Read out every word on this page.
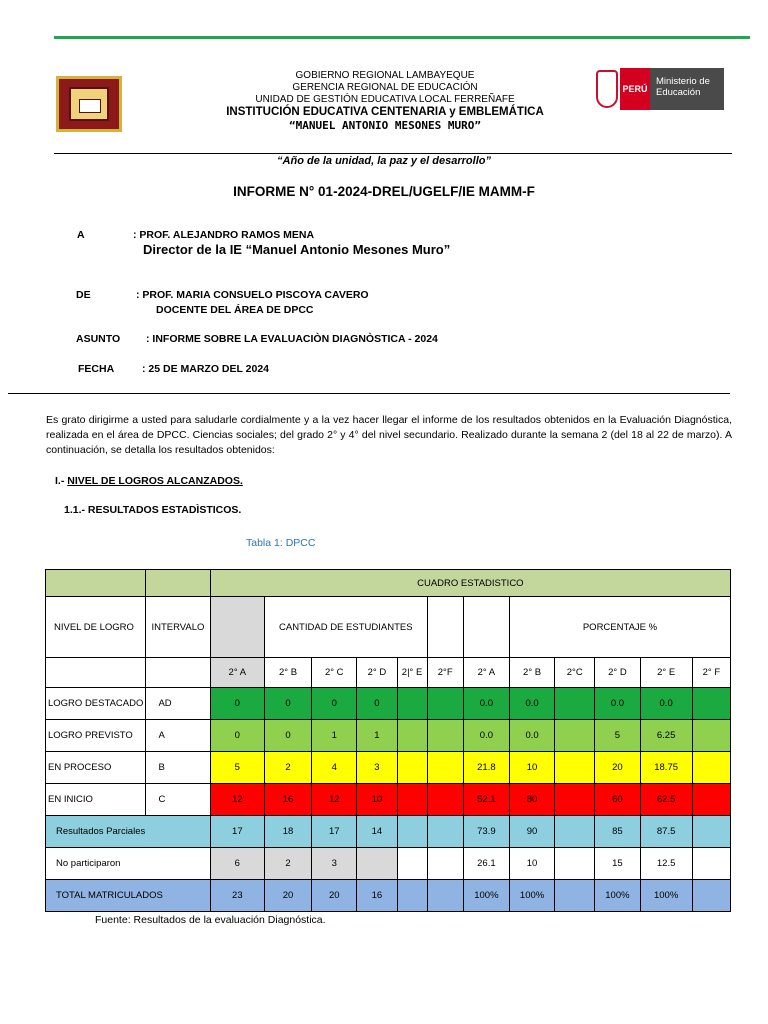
GOBIERNO REGIONAL LAMBAYEQUE
GERENCIA REGIONAL DE EDUCACIÓN
UNIDAD DE GESTIÓN EDUCATIVA LOCAL FERREÑAFE
INSTITUCIÓN EDUCATIVA CENTENARIA y EMBLEMÁTICA
“MANUEL ANTONIO MESONES MURO”
PERÚ
Ministerio de Educación
“Año de la unidad, la paz y el desarrollo”
INFORME N° 01-2024-DREL/UGELF/IE MAMM-F
A	: PROF. ALEJANDRO RAMOS MENA
Director de la IE “Manuel Antonio Mesones Muro”
DE	: PROF. MARIA CONSUELO PISCOYA CAVERO
DOCENTE DEL ÁREA DE DPCC
ASUNTO : INFORME SOBRE LA EVALUACIÒN DIAGNÒSTICA - 2024
FECHA	: 25 DE MARZO DEL 2024
Es grato dirigirme a usted para saludarle cordialmente y a la vez hacer llegar el informe de los resultados obtenidos en la Evaluación Diagnóstica, realizada en el área de DPCC. Ciencias sociales; del grado 2° y 4° del nivel secundario. Realizado durante la semana 2 (del 18 al 22 de marzo). A continuación, se detalla los resultados obtenidos:
I.- NIVEL DE LOGROS ALCANZADOS.
1.1.- RESULTADOS ESTADÌSTICOS.
Tabla 1: DPCC
		CUADRO ESTADISTICO											
NIVEL DE LOGRO	INTERVALO		CANTIDAD DE ESTUDIANTES						PORCENTAJE %				

		2° A	2° B	2° C	2° D	2|° E	2°F	2° A	2° B	2°C	2° D	2° E	2° F
LOGRO DESTACADO	AD	0	0	0	0			0.0	0.0		0.0	0.0	
LOGRO PREVISTO	A	0	0	1	1			0.0	0.0		5	6.25	
EN PROCESO	B	5	2	4	3			21.8	10		20	18.75	
EN INICIO	C	12	16	12	10			52.1	80		60	62.5	
Resultados Parciales		17	18	17	14			73.9	90		85	87.5	
No participaron		6	2	3				26.1	10		15	12.5	
TOTAL MATRICULADOS		23	20	20	16			100%	100%		100%	100%	
Fuente: Resultados de la evaluación Diagnóstica.
